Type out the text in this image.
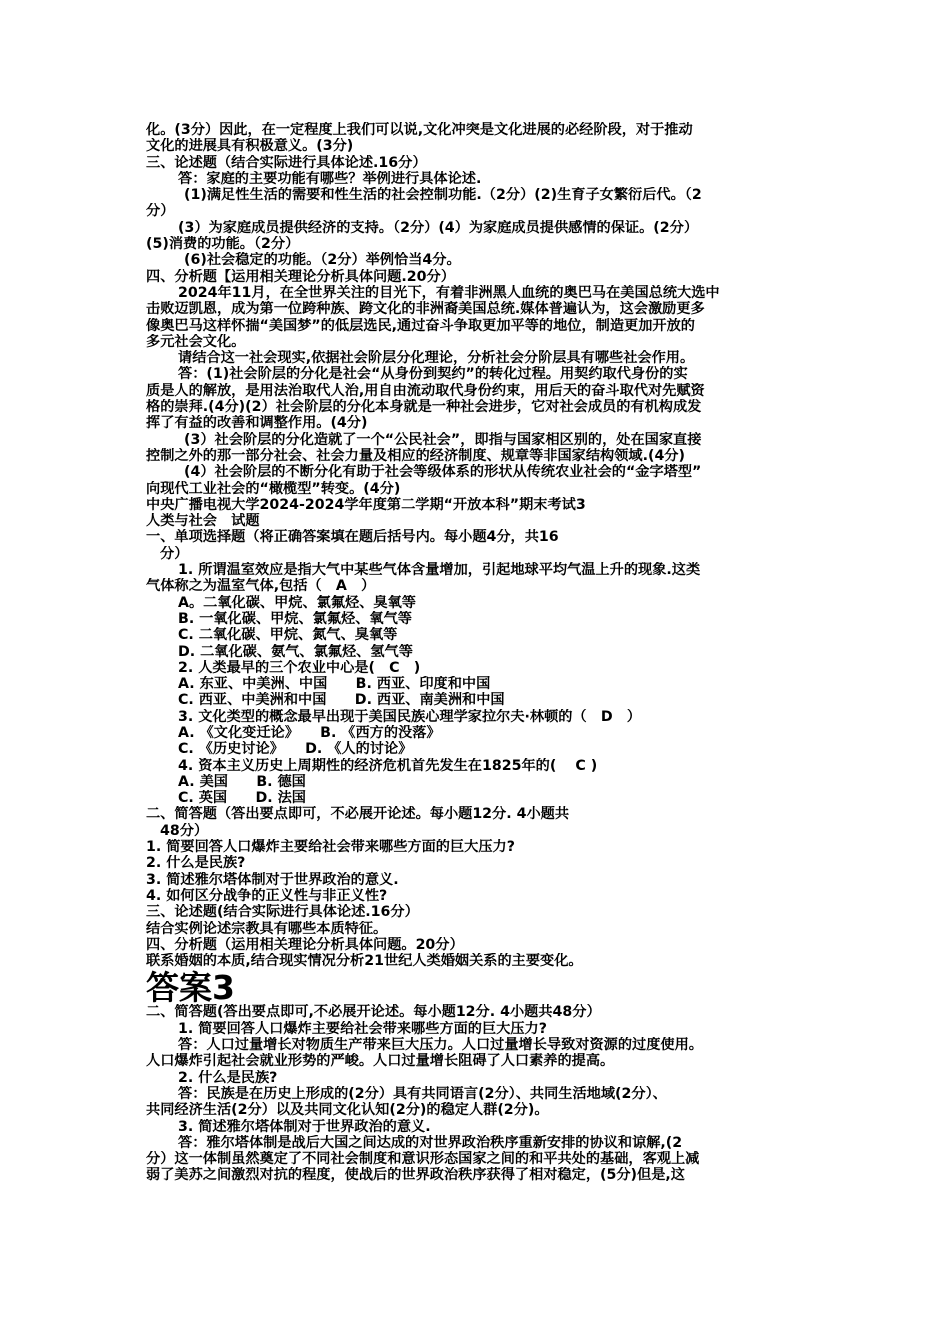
化。(3分）因此，在一定程度上我们可以说,文化冲突是文化进展的必经阶段，对于推动
文化的进展具有积极意义。(3分)
三、论述题（结合实际进行具体论述.16分）
答：家庭的主要功能有哪些？举例进行具体论述.
(1)满足性生活的需要和性生活的社会控制功能.（2分）(2)生育子女繁衍后代。（2
分）
(3）为家庭成员提供经济的支持。（2分）(4）为家庭成员提供感情的保证。(2分）
(5)消费的功能。（2分）
(6)社会稳定的功能。（2分）举例恰当4分。
四、分析题【运用相关理论分析具体问题.20分）
2024年11月，在全世界关注的目光下，有着非洲黑人血统的奥巴马在美国总统大选中
击败迈凯恩，成为第一位跨种族、跨文化的非洲裔美国总统.媒体普遍认为，这会激励更多
像奥巴马这样怀揣“美国梦”的低层选民,通过奋斗争取更加平等的地位，制造更加开放的
多元社会文化。
请结合这一社会现实,依据社会阶层分化理论，分析社会分阶层具有哪些社会作用。
答：(1)社会阶层的分化是社会“从身份到契约”的转化过程。用契约取代身份的实
质是人的解放，是用法治取代人治,用自由流动取代身份约束，用后天的奋斗取代对先赋资
格的崇拜.(4分)(2）社会阶层的分化本身就是一种社会进步，它对社会成员的有机构成发
挥了有益的改善和调整作用。(4分)
(3）社会阶层的分化造就了一个“公民社会”，即指与国家相区别的，处在国家直接
控制之外的那一部分社会、社会力量及相应的经济制度、规章等非国家结构领域.(4分)
(4）社会阶层的不断分化有助于社会等级体系的形状从传统农业社会的“金字塔型”
向现代工业社会的“橄榄型”转变。(4分)
中央广播电视大学2024-2024学年度第二学期“开放本科”期末考试3
人类与社会　试题
一、单项选择题（将正确答案填在题后括号内。每小题4分，共16
分）
1. 所谓温室效应是指大气中某些气体含量增加，引起地球平均气温上升的现象.这类
气体称之为温室气体,包括（　A　）
A。二氧化碳、甲烷、氯氟烃、臭氧等
B. 一氧化碳、甲烷、氯氟烃、氧气等
C. 二氧化碳、甲烷、氮气、臭氧等
D. 二氧化碳、氨气、氯氟烃、氢气等
2. 人类最早的三个农业中心是(　C　)
A. 东亚、中美洲、中国　　B. 西亚、印度和中国
C. 西亚、中美洲和中国　　D. 西亚、南美洲和中国
3. 文化类型的概念最早出现于美国民族心理学家拉尔夫·林顿的（　D　）
A. 《文化变迁论》　　B. 《西方的没落》
C. 《历史讨论》　　D. 《人的讨论》
4. 资本主义历史上周期性的经济危机首先发生在1825年的(　 C )
A. 美国　　B. 德国
C. 英国　　D. 法国
二、简答题（答出要点即可，不必展开论述。每小题12分. 4小题共
48分）
1. 简要回答人口爆炸主要给社会带来哪些方面的巨大压力?
2. 什么是民族?
3. 简述雅尔塔体制对于世界政治的意义.
4. 如何区分战争的正义性与非正义性?
三、论述题(结合实际进行具体论述.16分）
结合实例论述宗教具有哪些本质特征。
四、分析题（运用相关理论分析具体问题。20分）
联系婚姻的本质,结合现实情况分析21世纪人类婚姻关系的主要变化。
答案3
二、简答题(答出要点即可,不必展开论述。每小题12分. 4小题共48分）
1. 简要回答人口爆炸主要给社会带来哪些方面的巨大压力?
答：人口过量增长对物质生产带来巨大压力。人口过量增长导致对资源的过度使用。
人口爆炸引起社会就业形势的严峻。人口过量增长阻碍了人口素养的提高。
2. 什么是民族?
答：民族是在历史上形成的(2分）具有共同语言(2分）、共同生活地域(2分）、
共同经济生活(2分）以及共同文化认知(2分)的稳定人群(2分)。
3. 简述雅尔塔体制对于世界政治的意义.
答：雅尔塔体制是战后大国之间达成的对世界政治秩序重新安排的协议和谅解,(2
分）这一体制虽然奠定了不同社会制度和意识形态国家之间的和平共处的基础，客观上减
弱了美苏之间激烈对抗的程度，使战后的世界政治秩序获得了相对稳定，(5分)但是,这
